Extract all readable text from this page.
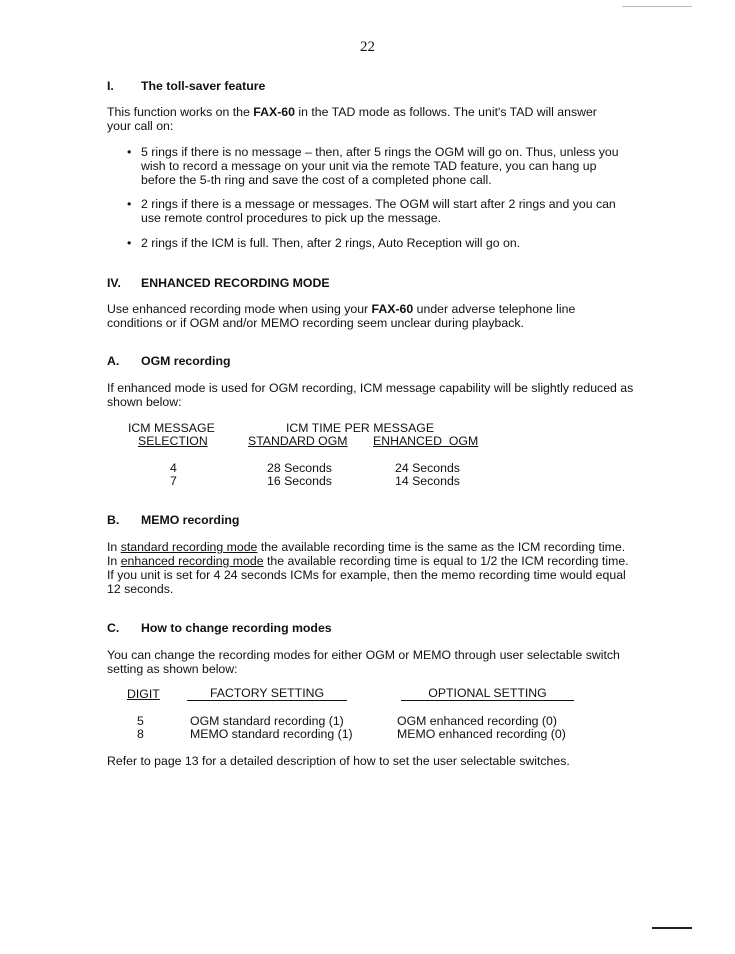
22
I. The toll-saver feature
This function works on the FAX-60 in the TAD mode as follows. The unit's TAD will answer
your call on:
• 5 rings if there is no message – then, after 5 rings the OGM will go on. Thus, unless you
wish to record a message on your unit via the remote TAD feature, you can hang up
before the 5-th ring and save the cost of a completed phone call.
• 2 rings if there is a message or messages. The OGM will start after 2 rings and you can
use remote control procedures to pick up the message.
• 2 rings if the ICM is full. Then, after 2 rings, Auto Reception will go on.
IV. ENHANCED RECORDING MODE
Use enhanced recording mode when using your FAX-60 under adverse telephone line
conditions or if OGM and/or MEMO recording seem unclear during playback.
A. OGM recording
If enhanced mode is used for OGM recording, ICM message capability will be slightly reduced as
shown below:
ICM MESSAGE
SELECTION
ICM TIME PER MESSAGE
STANDARD OGM ENHANCED  OGM
4	28 Seconds	24 Seconds
7	16 Seconds	14 Seconds
B. MEMO recording
In standard recording mode the available recording time is the same as the ICM recording time.
In enhanced recording mode the available recording time is equal to 1/2 the ICM recording time.
If you unit is set for 4 24 seconds ICMs for example, then the memo recording time would equal
12 seconds.
C. How to change recording modes
You can change the recording modes for either OGM or MEMO through user selectable switch
setting as shown below:
DIGIT	FACTORY SETTING	OPTIONAL SETTING
5	OGM standard recording (1)	OGM enhanced recording (0)
8	MEMO standard recording (1)	MEMO enhanced recording (0)
Refer to page 13 for a detailed description of how to set the user selectable switches.
